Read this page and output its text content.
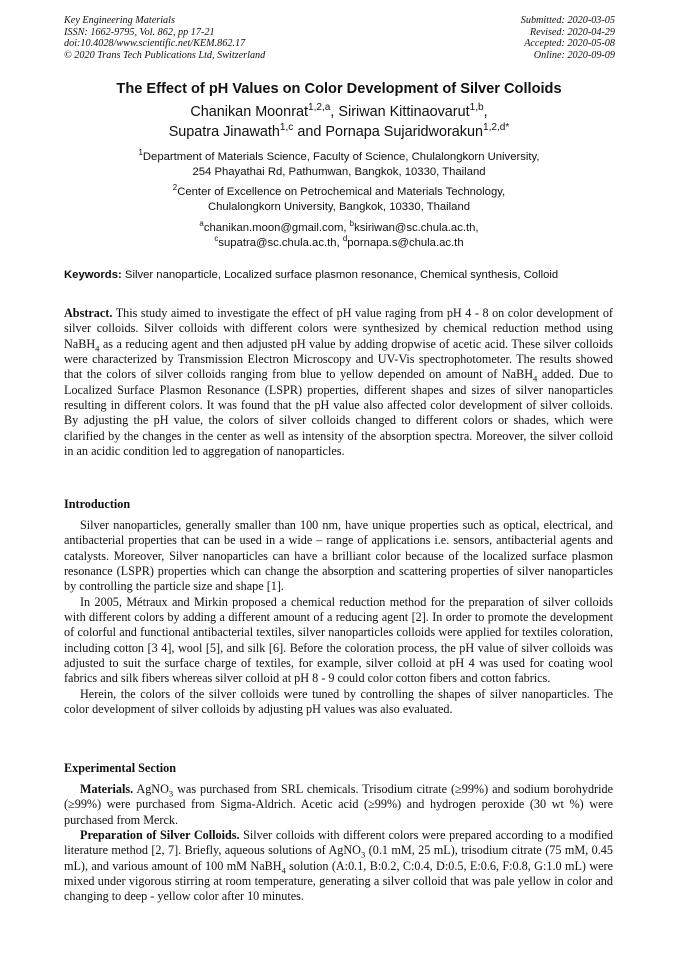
Key Engineering Materials
ISSN: 1662-9795, Vol. 862, pp 17-21
doi:10.4028/www.scientific.net/KEM.862.17
© 2020 Trans Tech Publications Ltd, Switzerland
Submitted: 2020-03-05
Revised: 2020-04-29
Accepted: 2020-05-08
Online: 2020-09-09
The Effect of pH Values on Color Development of Silver Colloids
Chanikan Moonrat$^{1,2,a}$, Siriwan Kittinaovarut$^{1,b}$,
Supatra Jinawath$^{1,c}$ and Pornapa Sujaridworakun$^{1,2,d*}$
$^1$Department of Materials Science, Faculty of Science, Chulalongkorn University,
254 Phayathai Rd, Pathumwan, Bangkok, 10330, Thailand
$^2$Center of Excellence on Petrochemical and Materials Technology,
Chulalongkorn University, Bangkok, 10330, Thailand
$^a$chanikan.moon@gmail.com, $^b$ksiriwan@sc.chula.ac.th,
$^c$supatra@sc.chula.ac.th, $^d$pornapa.s@chula.ac.th
Keywords: Silver nanoparticle, Localized surface plasmon resonance, Chemical synthesis, Colloid
Abstract. This study aimed to investigate the effect of pH value raging from pH 4 - 8 on color development of silver colloids. Silver colloids with different colors were synthesized by chemical reduction method using NaBH$_4$ as a reducing agent and then adjusted pH value by adding dropwise of acetic acid. These silver colloids were characterized by Transmission Electron Microscopy and UV-Vis spectrophotometer. The results showed that the colors of silver colloids ranging from blue to yellow depended on amount of NaBH$_4$ added. Due to Localized Surface Plasmon Resonance (LSPR) properties, different shapes and sizes of silver nanoparticles resulting in different colors. It was found that the pH value also affected color development of silver colloids. By adjusting the pH value, the colors of silver colloids changed to different colors or shades, which were clarified by the changes in the center as well as intensity of the absorption spectra. Moreover, the silver colloid in an acidic condition led to aggregation of nanoparticles.
Introduction

Silver nanoparticles, generally smaller than 100 nm, have unique properties such as optical, electrical, and antibacterial properties that can be used in a wide – range of applications i.e. sensors, antibacterial agents and catalysts. Moreover, Silver nanoparticles can have a brilliant color because of the localized surface plasmon resonance (LSPR) properties which can change the absorption and scattering properties of silver nanoparticles by controlling the particle size and shape [1].

In 2005, Métraux and Mirkin proposed a chemical reduction method for the preparation of silver colloids with different colors by adding a different amount of a reducing agent [2]. In order to promote the development of colorful and functional antibacterial textiles, silver nanoparticles colloids were applied for textiles coloration, including cotton [3 4], wool [5], and silk [6]. Before the coloration process, the pH value of silver colloids was adjusted to suit the surface charge of textiles, for example, silver colloid at pH 4 was used for coating wool fabrics and silk fibers whereas silver colloid at pH 8 - 9 could color cotton fibers and cotton fabrics.

Herein, the colors of the silver colloids were tuned by controlling the shapes of silver nanoparticles. The color development of silver colloids by adjusting pH values was also evaluated.

Experimental Section

Materials. AgNO$_3$ was purchased from SRL chemicals. Trisodium citrate (≥99%) and sodium borohydride (≥99%) were purchased from Sigma-Aldrich. Acetic acid (≥99%) and hydrogen peroxide (30 wt %) were purchased from Merck.

Preparation of Silver Colloids. Silver colloids with different colors were prepared according to a modified literature method [2, 7]. Briefly, aqueous solutions of AgNO$_3$ (0.1 mM, 25 mL), trisodium citrate (75 mM, 0.45 mL), and various amount of 100 mM NaBH$_4$ solution (A:0.1, B:0.2, C:0.4, D:0.5, E:0.6, F:0.8, G:1.0 mL) were mixed under vigorous stirring at room temperature, generating a silver colloid that was pale yellow in color and changing to deep - yellow color after 10 minutes.
